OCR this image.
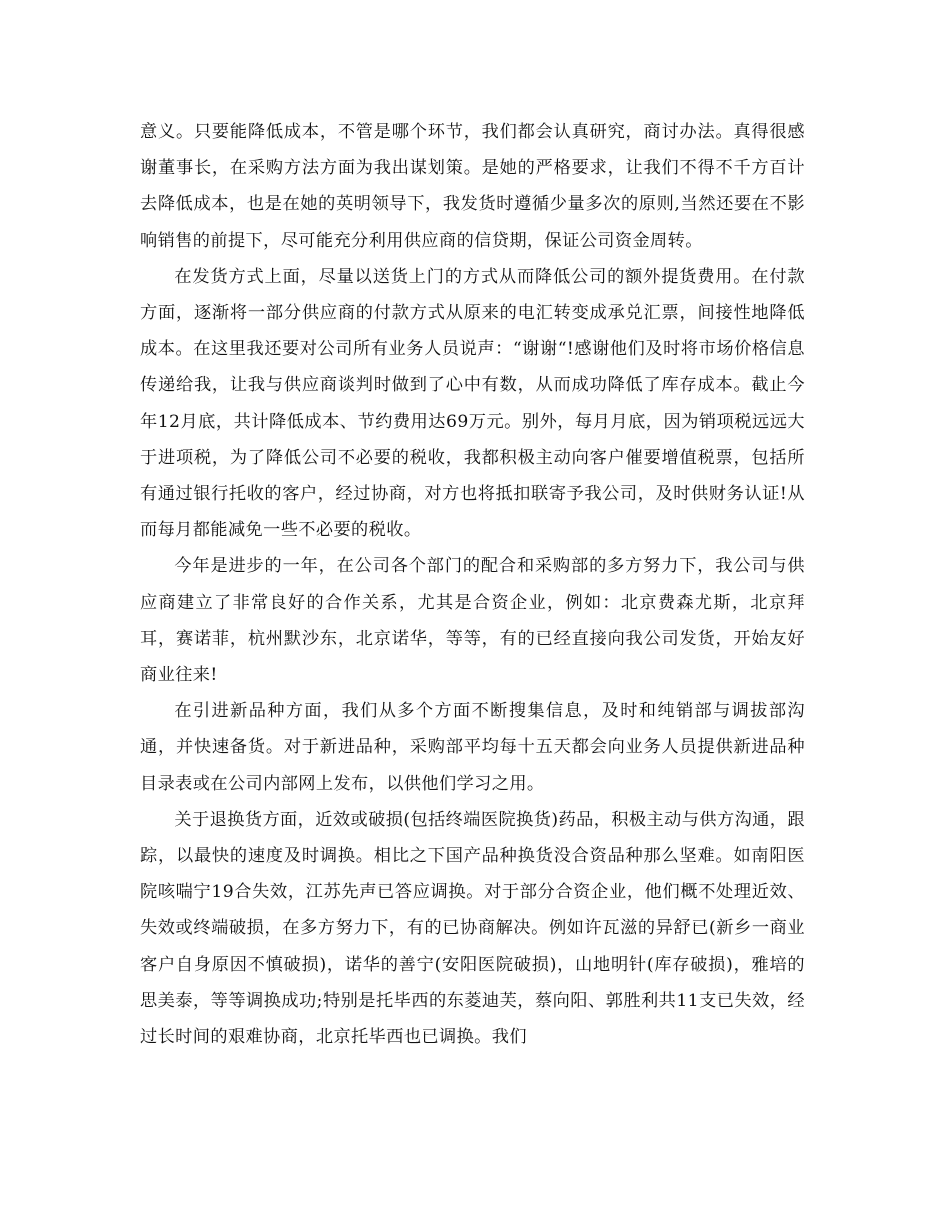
意义。只要能降低成本，不管是哪个环节，我们都会认真研究，商讨办法。真得很感谢董事长，在采购方法方面为我出谋划策。是她的严格要求，让我们不得不千方百计去降低成本，也是在她的英明领导下，我发货时遵循少量多次的原则,当然还要在不影响销售的前提下，尽可能充分利用供应商的信贷期，保证公司资金周转。

在发货方式上面，尽量以送货上门的方式从而降低公司的额外提货费用。在付款方面，逐渐将一部分供应商的付款方式从原来的电汇转变成承兑汇票，间接性地降低成本。在这里我还要对公司所有业务人员说声：“谢谢“!感谢他们及时将市场价格信息传递给我，让我与供应商谈判时做到了心中有数，从而成功降低了库存成本。截止今年12月底，共计降低成本、节约费用达69万元。别外，每月月底，因为销项税远远大于进项税，为了降低公司不必要的税收，我都积极主动向客户催要增值税票，包括所有通过银行托收的客户，经过协商，对方也将抵扣联寄予我公司，及时供财务认证!从而每月都能减免一些不必要的税收。

今年是进步的一年，在公司各个部门的配合和采购部的多方努力下，我公司与供应商建立了非常良好的合作关系，尤其是合资企业，例如：北京费森尤斯，北京拜耳，赛诺菲，杭州默沙东，北京诺华，等等，有的已经直接向我公司发货，开始友好商业往来!

在引进新品种方面，我们从多个方面不断搜集信息，及时和纯销部与调拔部沟通，并快速备货。对于新进品种，采购部平均每十五天都会向业务人员提供新进品种目录表或在公司内部网上发布，以供他们学习之用。

关于退换货方面，近效或破损(包括终端医院换货)药品，积极主动与供方沟通，跟踪，以最快的速度及时调换。相比之下国产品种换货没合资品种那么坚难。如南阳医院咳喘宁19合失效，江苏先声已答应调换。对于部分合资企业，他们概不处理近效、失效或终端破损，在多方努力下，有的已协商解决。例如许瓦滋的异舒已(新乡一商业客户自身原因不慎破损)，诺华的善宁(安阳医院破损)，山地明针(库存破损)，雅培的思美泰，等等调换成功;特别是托毕西的东菱迪芙，蔡向阳、郭胜利共11支已失效，经过长时间的艰难协商，北京托毕西也已调换。我们
